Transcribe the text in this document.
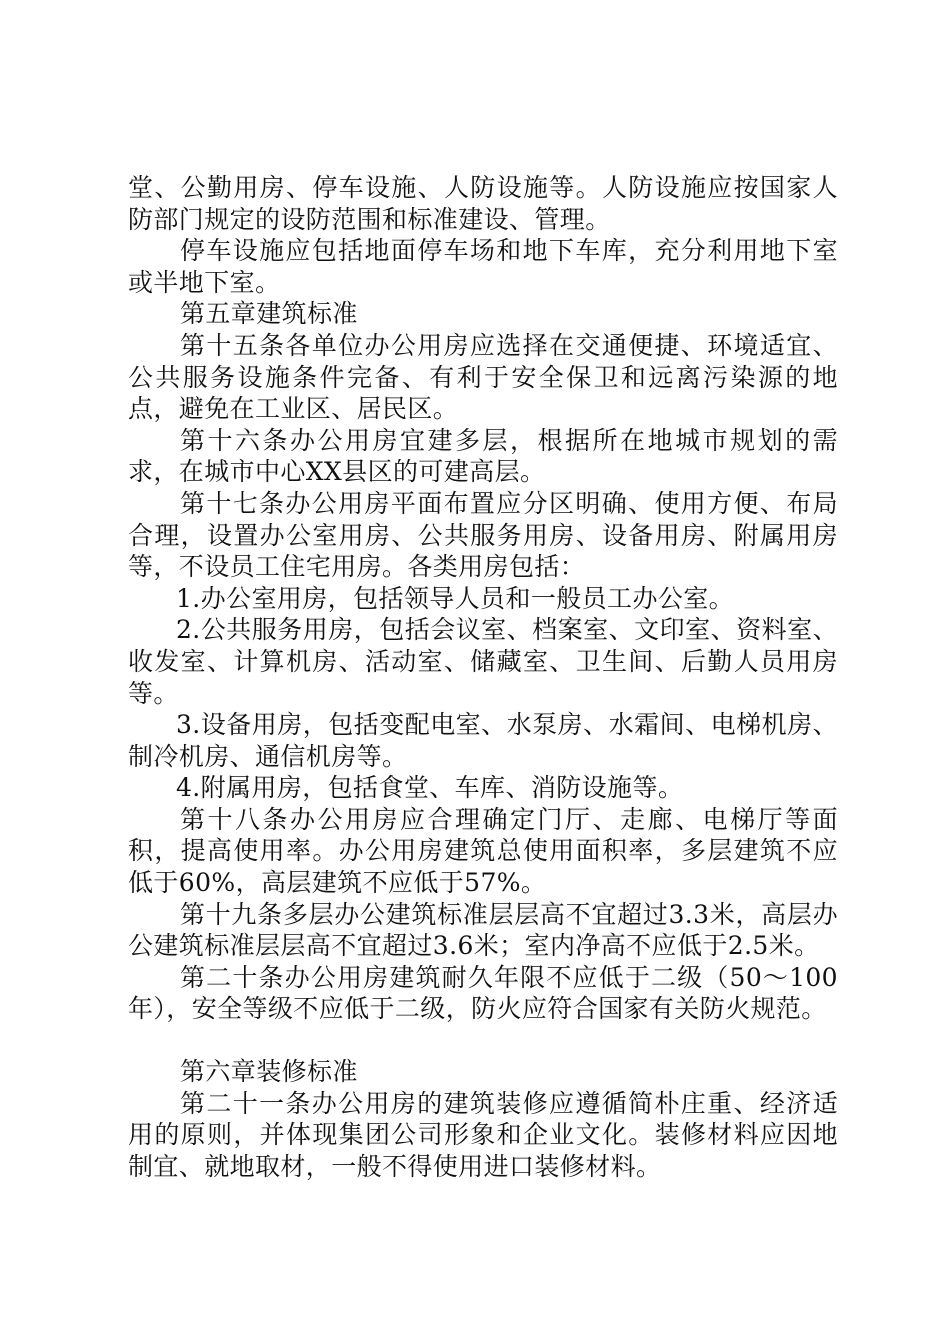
堂、公勤用房、停车设施、人防设施等。人防设施应按国家人防部门规定的设防范围和标准建设、管理。

停车设施应包括地面停车场和地下车库，充分利用地下室或半地下室。

第五章建筑标准

第十五条各单位办公用房应选择在交通便捷、环境适宜、公共服务设施条件完备、有利于安全保卫和远离污染源的地点，避免在工业区、居民区。

第十六条办公用房宜建多层，根据所在地城市规划的需求，在城市中心XX县区的可建高层。

第十七条办公用房平面布置应分区明确、使用方便、布局合理，设置办公室用房、公共服务用房、设备用房、附属用房等，不设员工住宅用房。各类用房包括：

1.办公室用房，包括领导人员和一般员工办公室。

2.公共服务用房，包括会议室、档案室、文印室、资料室、收发室、计算机房、活动室、储藏室、卫生间、后勤人员用房等。

3.设备用房，包括变配电室、水泵房、水霜间、电梯机房、制冷机房、通信机房等。

4.附属用房，包括食堂、车库、消防设施等。

第十八条办公用房应合理确定门厅、走廊、电梯厅等面积，提高使用率。办公用房建筑总使用面积率，多层建筑不应低于60%，高层建筑不应低于57%。

第十九条多层办公建筑标准层层高不宜超过3.3米，高层办公建筑标准层层高不宜超过3.6米；室内净高不应低于2.5米。

第二十条办公用房建筑耐久年限不应低于二级（50～100年），安全等级不应低于二级，防火应符合国家有关防火规范。

第六章装修标准

第二十一条办公用房的建筑装修应遵循简朴庄重、经济适用的原则，并体现集团公司形象和企业文化。装修材料应因地制宜、就地取材，一般不得使用进口装修材料。
